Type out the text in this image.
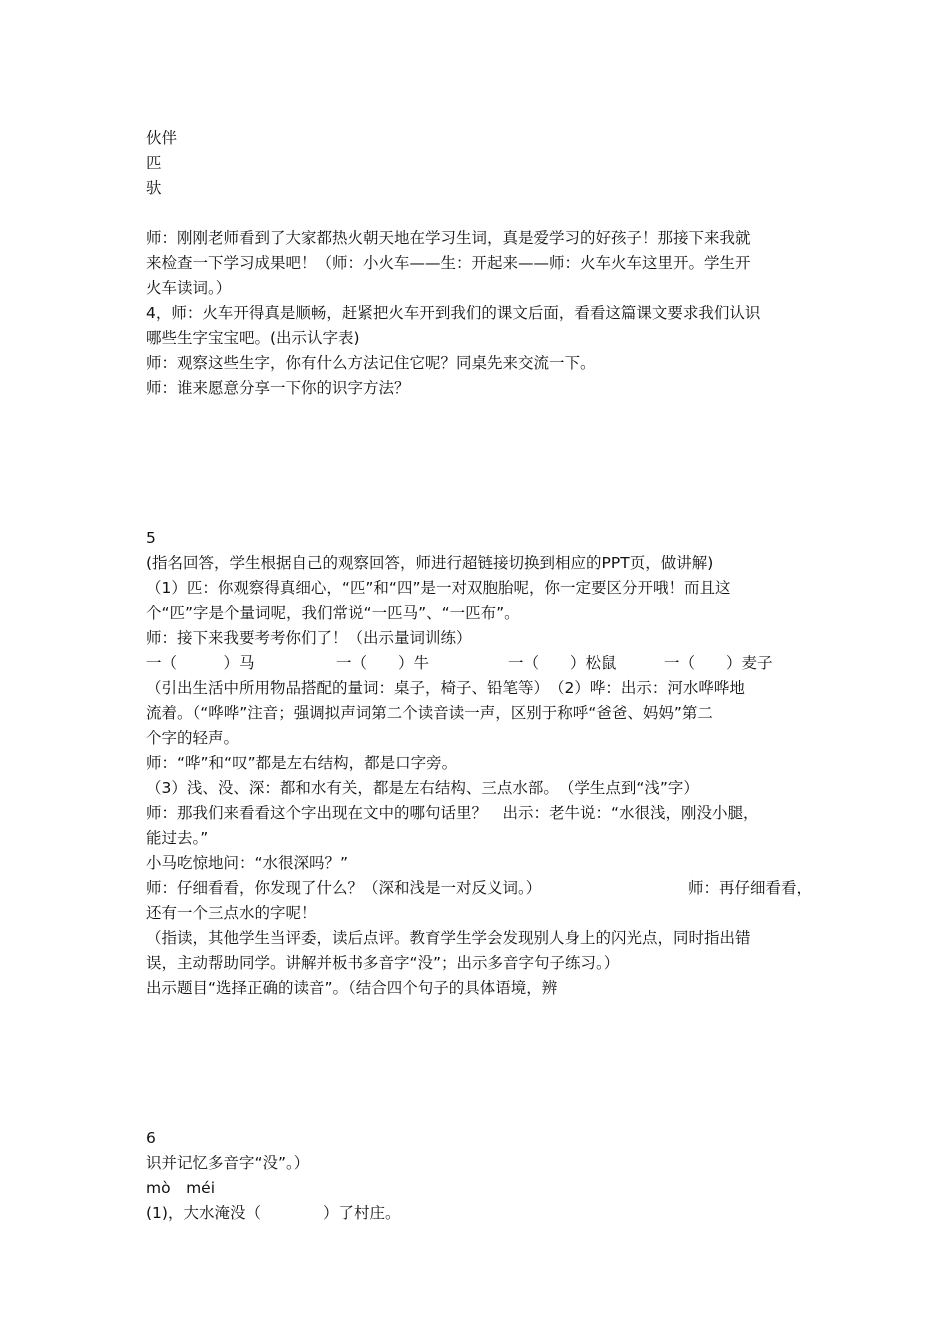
伙伴
匹
驮
师：刚刚老师看到了大家都热火朝天地在学习生词，真是爱学习的好孩子！那接下来我就
来检查一下学习成果吧！（师：小火车——生：开起来——师：火车火车这里开。学生开
火车读词。）
4，师：火车开得真是顺畅，赶紧把火车开到我们的课文后面，看看这篇课文要求我们认识
哪些生字宝宝吧。(出示认字表)
师：观察这些生字，你有什么方法记住它呢？同桌先来交流一下。
师：谁来愿意分享一下你的识字方法？
5
(指名回答，学生根据自己的观察回答，师进行超链接切换到相应的PPT页，做讲解)
（1）匹：你观察得真细心，“匹”和“四”是一对双胞胎呢，你一定要区分开哦！而且这
个“匹”字是个量词呢，我们常说“一匹马”、“一匹布”。
师：接下来我要考考你们了！（出示量词训练）
一（　　　）马	一（　　）牛	一（　　）松鼠	一（　　）麦子
（引出生活中所用物品搭配的量词：桌子，椅子、铅笔等）　（2）哗：出示：河水哗哗地
流着。（“哗哗”注音；强调拟声词第二个读音读一声，区别于称呼“爸爸、妈妈”第二
个字的轻声。
师：“哗”和“叹”都是左右结构，都是口字旁。
（3）浅、没、深：都和水有关，都是左右结构、三点水部。　（学生点到“浅”字）
师：那我们来看看这个字出现在文中的哪句话里？　出示：老牛说：“水很浅，刚没小腿，
能过去。”
小马吃惊地问：“水很深吗？”
师：仔细看看，你发现了什么？（深和浅是一对反义词。）	师：再仔细看看，
还有一个三点水的字呢！
（指读，其他学生当评委，读后点评。教育学生学会发现别人身上的闪光点，同时指出错
误，主动帮助同学。讲解并板书多音字“没”；出示多音字句子练习。）
出示题目“选择正确的读音”。（结合四个句子的具体语境，辨
6
识并记忆多音字“没”。）
mò　méi
(1)，大水淹没（　　　　）了村庄。
